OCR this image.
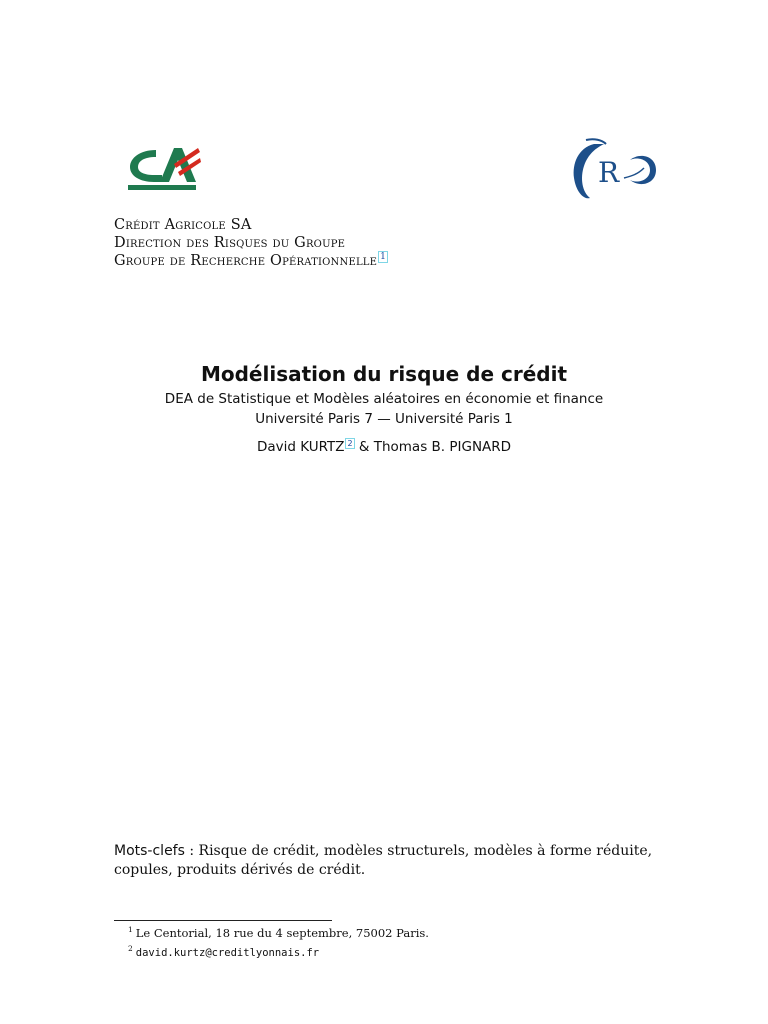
R
Crédit Agricole SA
Direction des Risques du Groupe
Groupe de Recherche Opérationnelle $^1$
Modélisation du risque de crédit
DEA de Statistique et Modèles aléatoires en économie et finance
Université Paris 7 — Université Paris 1
David KURTZ $^2$ & Thomas B. PIGNARD
Mots-clefs : Risque de crédit, modèles structurels, modèles à forme réduite, copules, produits dérivés de crédit.
$^1$ Le Centorial, 18 rue du 4 septembre, 75002 Paris.
$^2$ david.kurtz@creditlyonnais.fr
